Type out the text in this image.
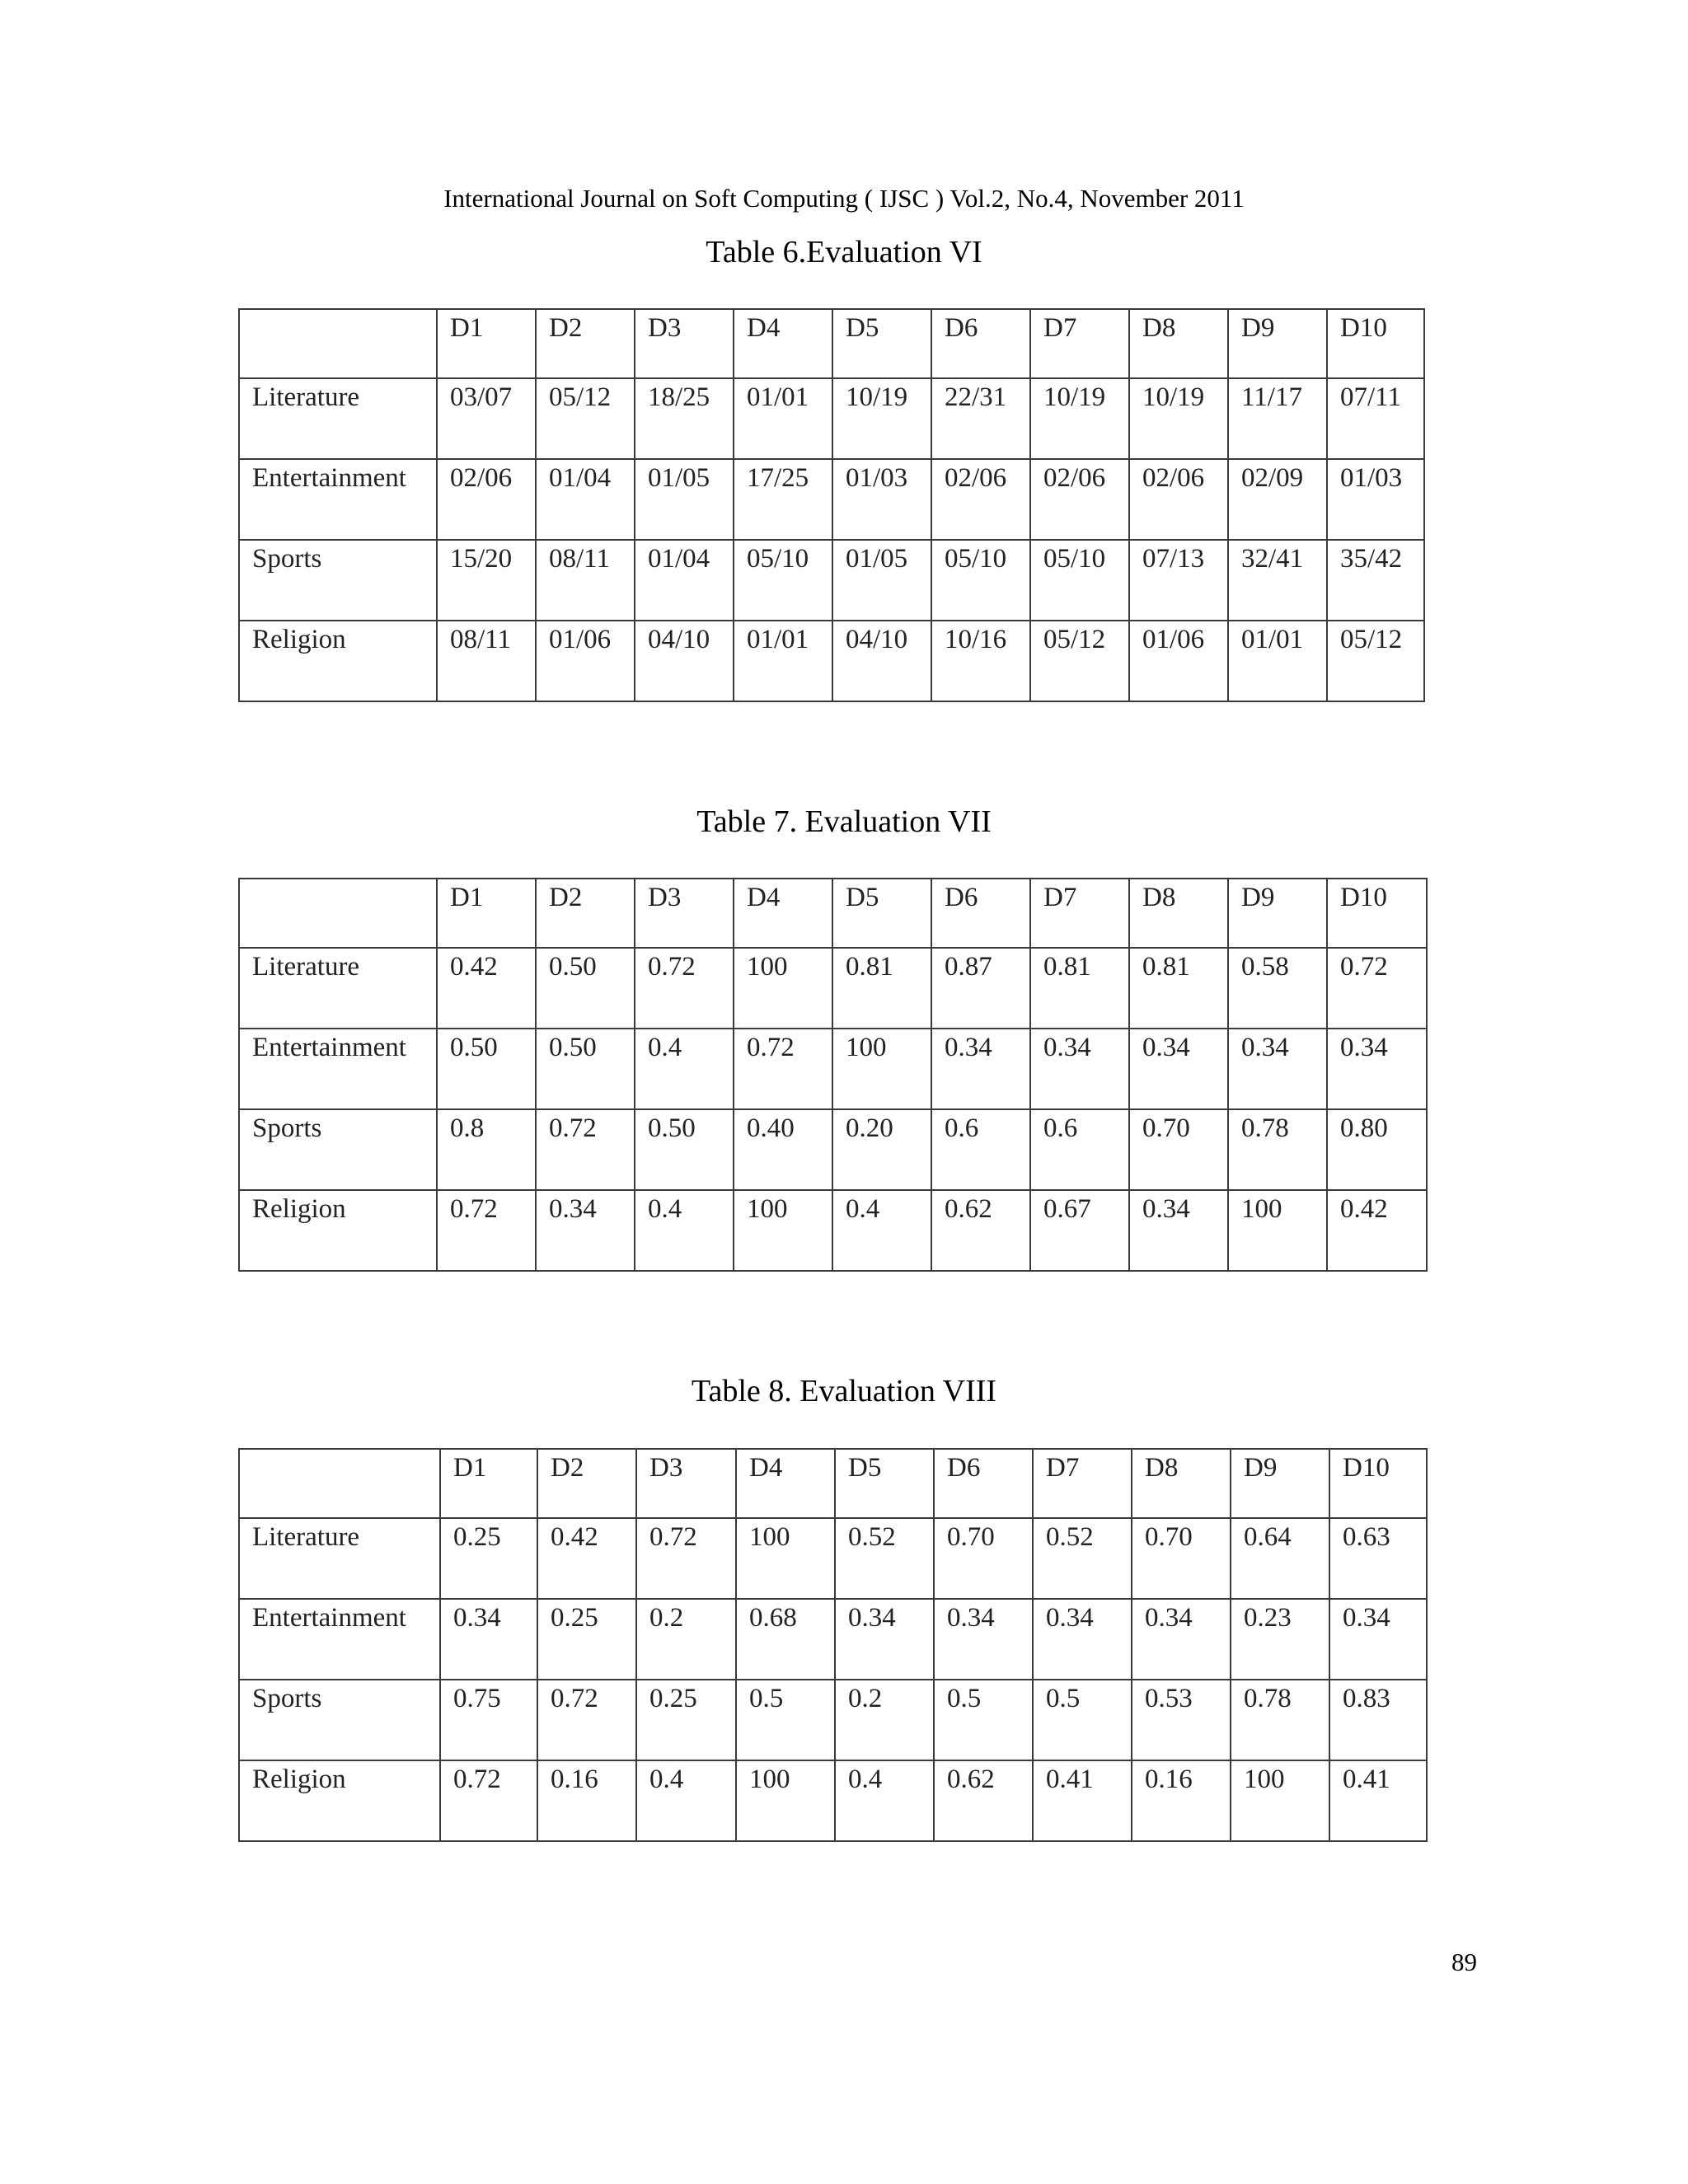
International Journal on Soft Computing ( IJSC ) Vol.2, No.4, November 2011
Table 6.Evaluation VI
	D1	D2	D3	D4	D5	D6	D7	D8	D9	D10
Literature	03/07	05/12	18/25	01/01	10/19	22/31	10/19	10/19	11/17	07/11
Entertainment	02/06	01/04	01/05	17/25	01/03	02/06	02/06	02/06	02/09	01/03
Sports	15/20	08/11	01/04	05/10	01/05	05/10	05/10	07/13	32/41	35/42
Religion	08/11	01/06	04/10	01/01	04/10	10/16	05/12	01/06	01/01	05/12
Table 7. Evaluation VII
	D1	D2	D3	D4	D5	D6	D7	D8	D9	D10
Literature	0.42	0.50	0.72	100	0.81	0.87	0.81	0.81	0.58	0.72
Entertainment	0.50	0.50	0.4	0.72	100	0.34	0.34	0.34	0.34	0.34
Sports	0.8	0.72	0.50	0.40	0.20	0.6	0.6	0.70	0.78	0.80
Religion	0.72	0.34	0.4	100	0.4	0.62	0.67	0.34	100	0.42
Table 8. Evaluation VIII
	D1	D2	D3	D4	D5	D6	D7	D8	D9	D10
Literature	0.25	0.42	0.72	100	0.52	0.70	0.52	0.70	0.64	0.63
Entertainment	0.34	0.25	0.2	0.68	0.34	0.34	0.34	0.34	0.23	0.34
Sports	0.75	0.72	0.25	0.5	0.2	0.5	0.5	0.53	0.78	0.83
Religion	0.72	0.16	0.4	100	0.4	0.62	0.41	0.16	100	0.41
89
